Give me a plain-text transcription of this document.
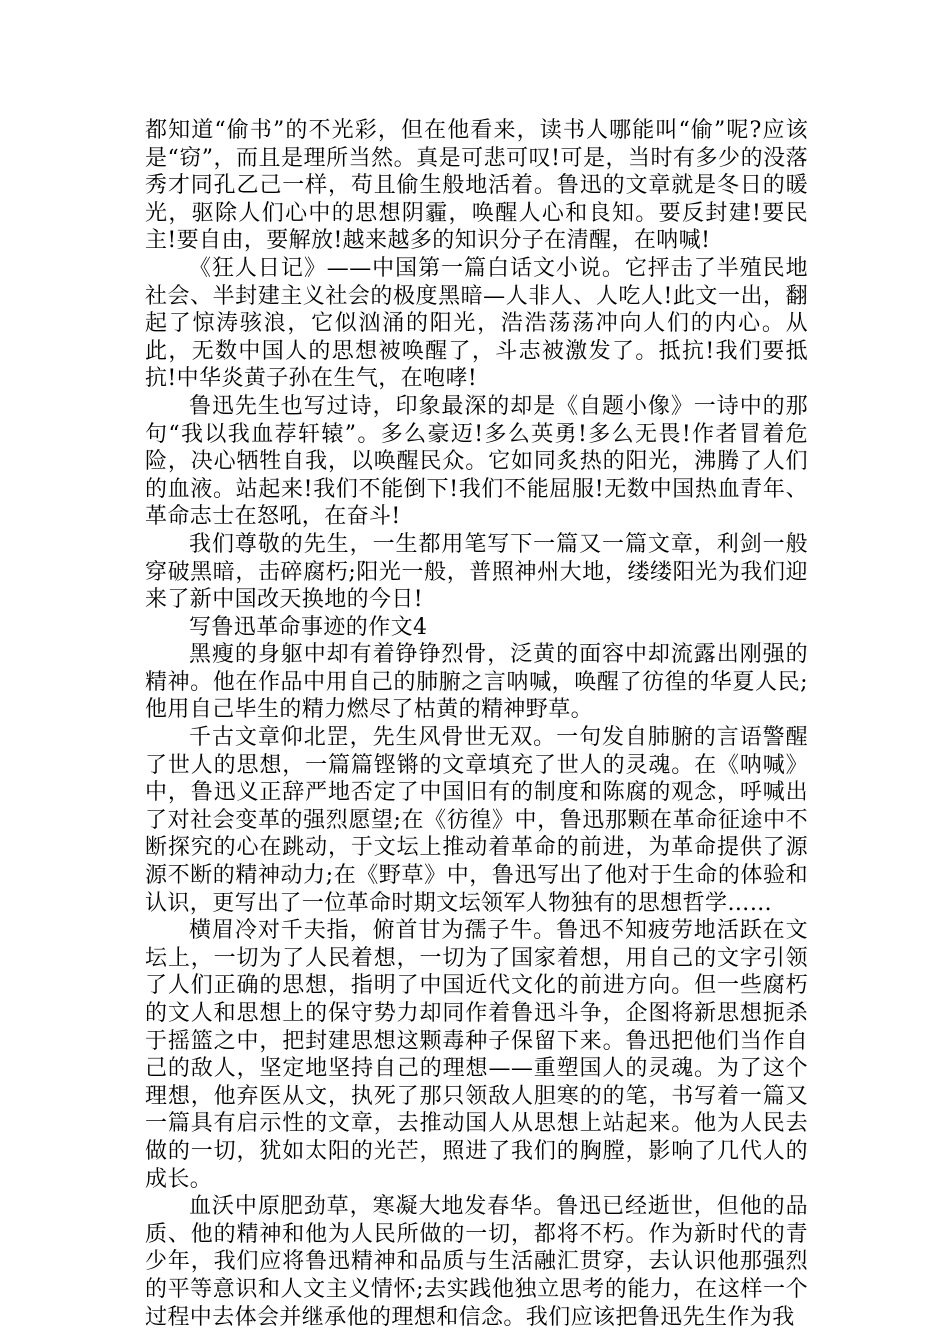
都知道“偷书”的不光彩，但在他看来，读书人哪能叫“偷”呢?应该是“窃”，而且是理所当然。真是可悲可叹!可是，当时有多少的没落秀才同孔乙己一样，苟且偷生般地活着。鲁迅的文章就是冬日的暖光，驱除人们心中的思想阴霾，唤醒人心和良知。要反封建!要民主!要自由，要解放!越来越多的知识分子在清醒，在呐喊!

《狂人日记》——中国第一篇白话文小说。它抨击了半殖民地社会、半封建主义社会的极度黑暗—人非人、人吃人!此文一出，翻起了惊涛骇浪，它似汹涌的阳光，浩浩荡荡冲向人们的内心。从此，无数中国人的思想被唤醒了，斗志被激发了。抵抗!我们要抵抗!中华炎黄子孙在生气，在咆哮!

鲁迅先生也写过诗，印象最深的却是《自题小像》一诗中的那句“我以我血荐轩辕”。多么豪迈!多么英勇!多么无畏!作者冒着危险，决心牺牲自我，以唤醒民众。它如同炙热的阳光，沸腾了人们的血液。站起来!我们不能倒下!我们不能屈服!无数中国热血青年、革命志士在怒吼，在奋斗!

我们尊敬的先生，一生都用笔写下一篇又一篇文章，利剑一般穿破黑暗，击碎腐朽;阳光一般，普照神州大地，缕缕阳光为我们迎来了新中国改天换地的今日!

写鲁迅革命事迹的作文4

黑瘦的身躯中却有着铮铮烈骨，泛黄的面容中却流露出刚强的精神。他在作品中用自己的肺腑之言呐喊，唤醒了彷徨的华夏人民;他用自己毕生的精力燃尽了枯黄的精神野草。

千古文章仰北罡，先生风骨世无双。一句发自肺腑的言语警醒了世人的思想，一篇篇铿锵的文章填充了世人的灵魂。在《呐喊》中，鲁迅义正辞严地否定了中国旧有的制度和陈腐的观念，呼喊出了对社会变革的强烈愿望;在《彷徨》中，鲁迅那颗在革命征途中不断探究的心在跳动，于文坛上推动着革命的前进，为革命提供了源源不断的精神动力;在《野草》中，鲁迅写出了他对于生命的体验和认识，更写出了一位革命时期文坛领军人物独有的思想哲学……

横眉冷对千夫指，俯首甘为孺子牛。鲁迅不知疲劳地活跃在文坛上，一切为了人民着想，一切为了国家着想，用自己的文字引领了人们正确的思想，指明了中国近代文化的前进方向。但一些腐朽的文人和思想上的保守势力却同作着鲁迅斗争，企图将新思想扼杀于摇篮之中，把封建思想这颗毒种子保留下来。鲁迅把他们当作自己的敌人，坚定地坚持自己的理想——重塑国人的灵魂。为了这个理想，他弃医从文，执死了那只领敌人胆寒的的笔，书写着一篇又一篇具有启示性的文章，去推动国人从思想上站起来。他为人民去做的一切，犹如太阳的光芒，照进了我们的胸膛，影响了几代人的成长。

血沃中原肥劲草，寒凝大地发春华。鲁迅已经逝世，但他的品质、他的精神和他为人民所做的一切，都将不朽。作为新时代的青少年，我们应将鲁迅精神和品质与生活融汇贯穿，去认识他那强烈的平等意识和人文主义情怀;去实践他独立思考的能力，在这样一个过程中去体会并继承他的理想和信念。我们应该把鲁迅先生作为我
